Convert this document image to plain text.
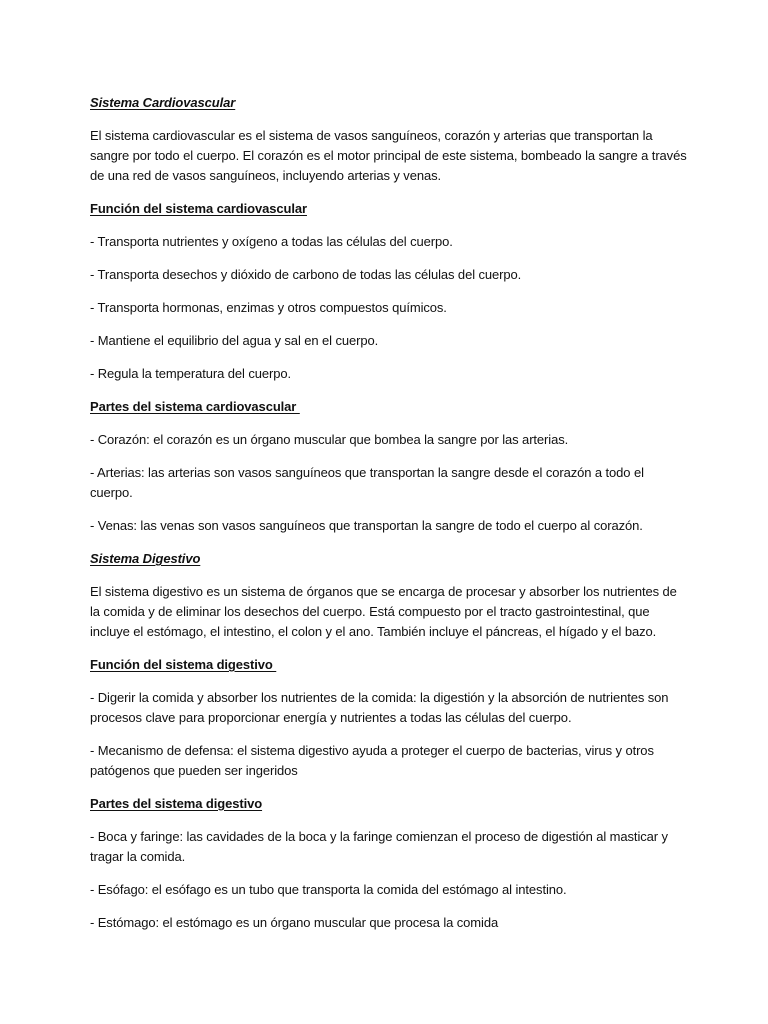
Sistema Cardiovascular

El sistema cardiovascular es el sistema de vasos sanguíneos, corazón y arterias que transportan la sangre por todo el cuerpo. El corazón es el motor principal de este sistema, bombeado la sangre a través de una red de vasos sanguíneos, incluyendo arterias y venas.

Función del sistema cardiovascular

- Transporta nutrientes y oxígeno a todas las células del cuerpo.

- Transporta desechos y dióxido de carbono de todas las células del cuerpo.

- Transporta hormonas, enzimas y otros compuestos químicos.

- Mantiene el equilibrio del agua y sal en el cuerpo.

- Regula la temperatura del cuerpo.

Partes del sistema cardiovascular

- Corazón: el corazón es un órgano muscular que bombea la sangre por las arterias.

- Arterias: las arterias son vasos sanguíneos que transportan la sangre desde el corazón a todo el cuerpo.

- Venas: las venas son vasos sanguíneos que transportan la sangre de todo el cuerpo al corazón.

Sistema Digestivo

El sistema digestivo es un sistema de órganos que se encarga de procesar y absorber los nutrientes de la comida y de eliminar los desechos del cuerpo. Está compuesto por el tracto gastrointestinal, que incluye el estómago, el intestino, el colon y el ano. También incluye el páncreas, el hígado y el bazo.

Función del sistema digestivo

- Digerir la comida y absorber los nutrientes de la comida: la digestión y la absorción de nutrientes son procesos clave para proporcionar energía y nutrientes a todas las células del cuerpo.

- Mecanismo de defensa: el sistema digestivo ayuda a proteger el cuerpo de bacterias, virus y otros patógenos que pueden ser ingeridos

Partes del sistema digestivo

- Boca y faringe: las cavidades de la boca y la faringe comienzan el proceso de digestión al masticar y tragar la comida.

- Esófago: el esófago es un tubo que transporta la comida del estómago al intestino.

- Estómago: el estómago es un órgano muscular que procesa la comida
